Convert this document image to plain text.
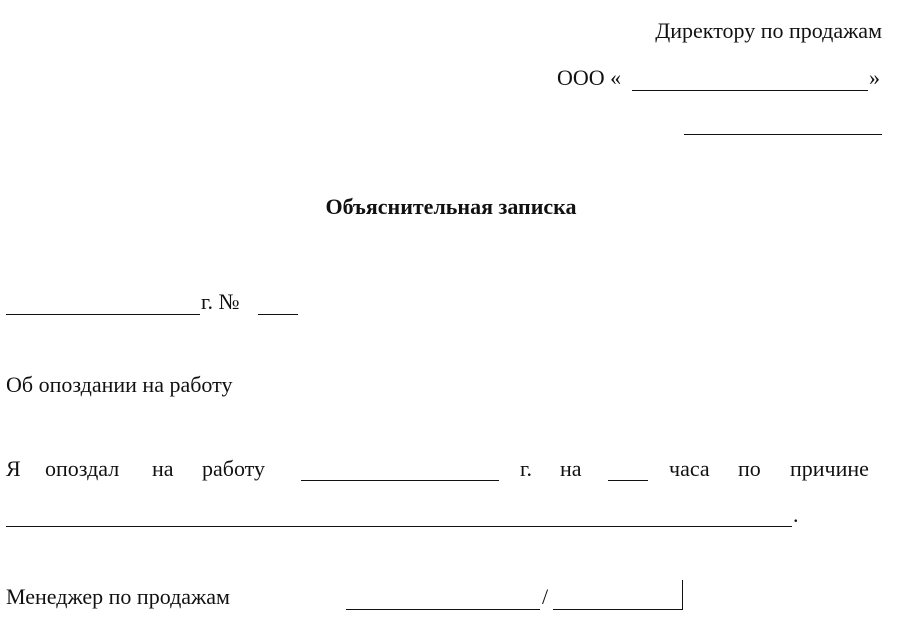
Директору по продажам
ООО «	»
Объяснительная записка
г. №
Об опоздании на работу
Я опоздал на работу	г. на	часа по причине
.
Менеджер по продажам	/
